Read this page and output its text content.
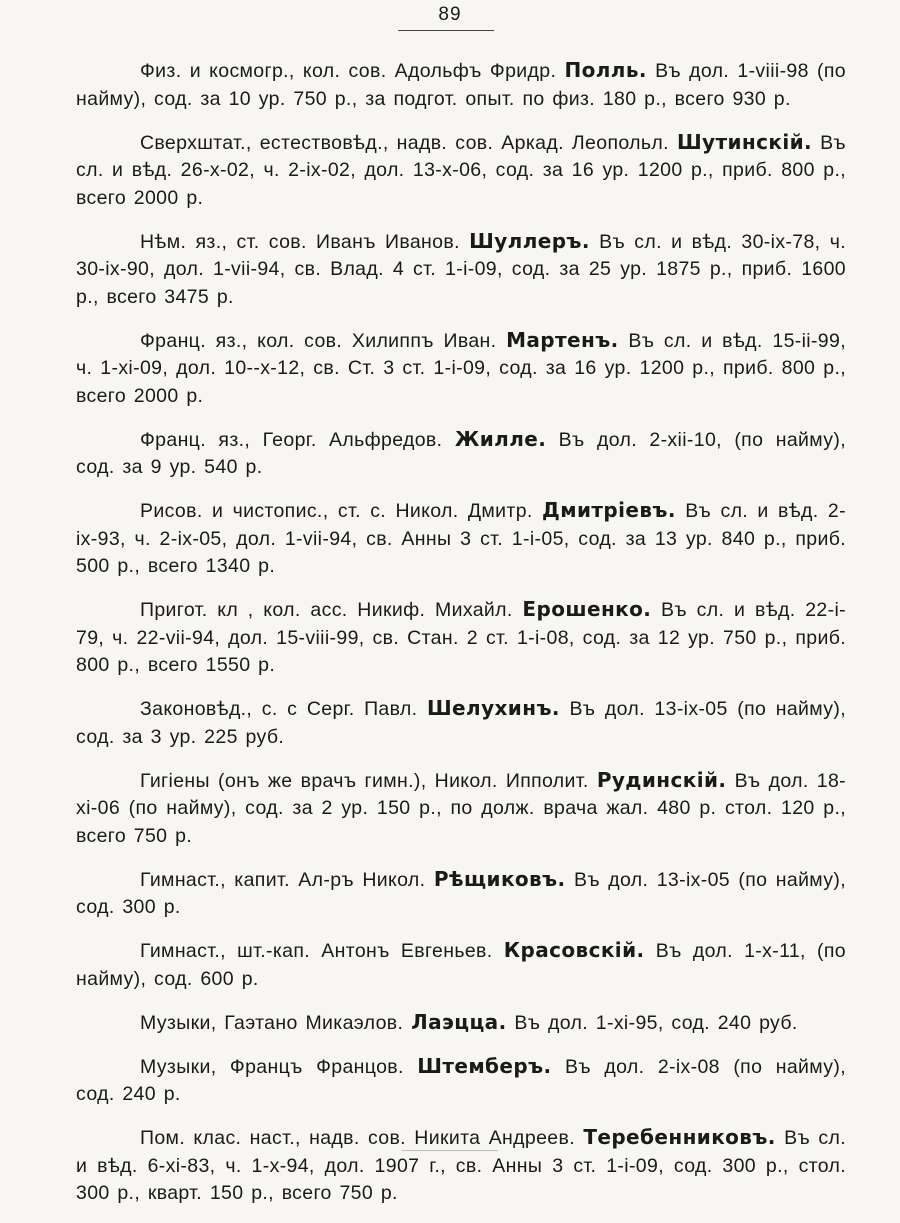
89

Физ. и космогр., кол. сов. Адольфъ Фридр. Полль. Въ дол. 1-viii-98 (по найму), сод. за 10 ур. 750 р., за подгот. опыт. по физ. 180 р., всего 930 р.

Сверхштат., естествовѣд., надв. сов. Аркад. Леопольл. Шутинскій. Въ сл. и вѣд. 26-x-02, ч. 2-ix-02, дол. 13-x-06, сод. за 16 ур. 1200 р., приб. 800 р., всего 2000 р.

Нѣм. яз., ст. сов. Иванъ Иванов. Шуллеръ. Въ сл. и вѣд. 30-ix-78, ч. 30-ix-90, дол. 1-vii-94, св. Влад. 4 ст. 1-i-09, сод. за 25 ур. 1875 р., приб. 1600 р., всего 3475 р.

Франц. яз., кол. сов. Хилиппъ Иван. Мартенъ. Въ сл. и вѣд. 15-ii-99, ч. 1-xi-09, дол. 10--x-12, св. Ст. 3 ст. 1-i-09, сод. за 16 ур. 1200 р., приб. 800 р., всего 2000 р.

Франц. яз., Георг. Альфредов. Жилле. Въ дол. 2-xii-10, (по найму), сод. за 9 ур. 540 р.

Рисов. и чистопис., ст. с. Никол. Дмитр. Дмитріевъ. Въ сл. и вѣд. 2-ix-93, ч. 2-ix-05, дол. 1-vii-94, св. Анны 3 ст. 1-i-05, сод. за 13 ур. 840 р., приб. 500 р., всего 1340 р.

Пригот. кл , кол. асс. Никиф. Михайл. Ерошенко. Въ сл. и вѣд. 22-i-79, ч. 22-vii-94, дол. 15-viii-99, св. Стан. 2 ст. 1-i-08, сод. за 12 ур. 750 р., приб. 800 р., всего 1550 р.

Законовѣд., с. с Серг. Павл. Шелухинъ. Въ дол. 13-ix-05 (по найму), сод. за 3 ур. 225 руб.

Гигіены (онъ же врачъ гимн.), Никол. Ипполит. Рудинскій. Въ дол. 18-xi-06 (по найму), сод. за 2 ур. 150 р., по долж. врача жал. 480 р. стол. 120 р., всего 750 р.

Гимнаст., капит. Ал-ръ Никол. Рѣщиковъ. Въ дол. 13-ix-05 (по найму), сод. 300 р.

Гимнаст., шт.-кап. Антонъ Евгеньев. Красовскій. Въ дол. 1-x-11, (по найму), сод. 600 р.

Музыки, Гаэтано Микаэлов. Лаэцца. Въ дол. 1-xi-95, сод. 240 руб.

Музыки, Францъ Францов. Штемберъ. Въ дол. 2-ix-08 (по найму), сод. 240 р.

Пом. клас. наст., надв. сов. Никита Андреев. Теребенниковъ. Въ сл. и вѣд. 6-xi-83, ч. 1-x-94, дол. 1907 г., св. Анны 3 ст. 1-i-09, сод. 300 р., стол. 300 р., кварт. 150 р., всего 750 р.
